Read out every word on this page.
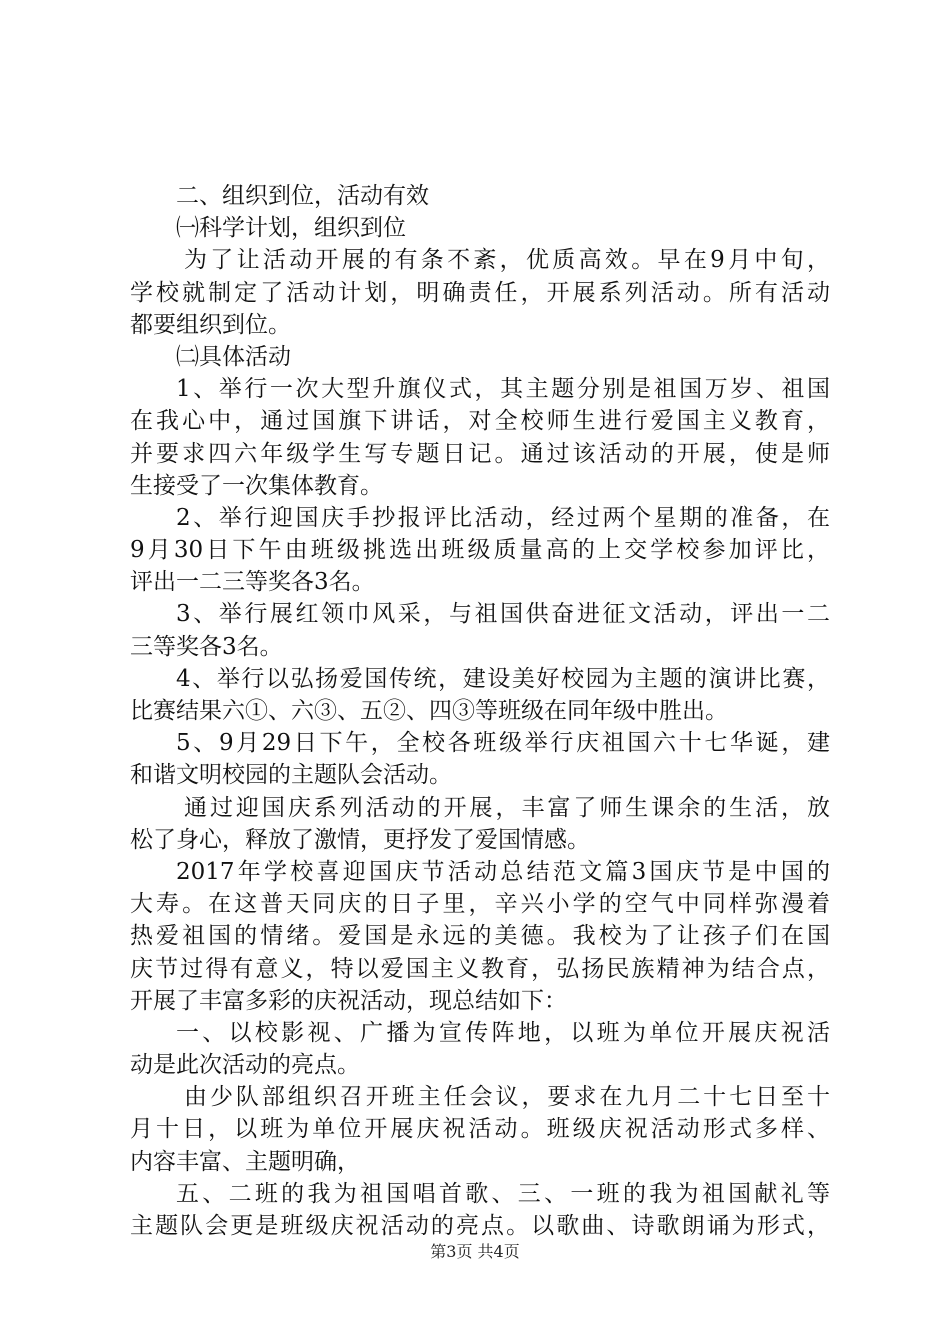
二、组织到位，活动有效
㈠科学计划，组织到位
为了让活动开展的有条不紊，优质高效。早在9月中旬，
学校就制定了活动计划，明确责任，开展系列活动。所有活动
都要组织到位。
㈡具体活动
1、举行一次大型升旗仪式，其主题分别是祖国万岁、祖国
在我心中，通过国旗下讲话，对全校师生进行爱国主义教育，
并要求四六年级学生写专题日记。通过该活动的开展，使是师
生接受了一次集体教育。
2、举行迎国庆手抄报评比活动，经过两个星期的准备，在
9月30日下午由班级挑选出班级质量高的上交学校参加评比，
评出一二三等奖各3名。
3、举行展红领巾风采，与祖国供奋进征文活动，评出一二
三等奖各3名。
4、举行以弘扬爱国传统，建设美好校园为主题的演讲比赛，
比赛结果六①、六③、五②、四③等班级在同年级中胜出。
5、9月29日下午，全校各班级举行庆祖国六十七华诞，建
和谐文明校园的主题队会活动。
通过迎国庆系列活动的开展，丰富了师生课余的生活，放
松了身心，释放了激情，更抒发了爱国情感。
2017年学校喜迎国庆节活动总结范文篇3国庆节是中国的
大寿。在这普天同庆的日子里，辛兴小学的空气中同样弥漫着
热爱祖国的情绪。爱国是永远的美德。我校为了让孩子们在国
庆节过得有意义，特以爱国主义教育，弘扬民族精神为结合点，
开展了丰富多彩的庆祝活动，现总结如下：
一、以校影视、广播为宣传阵地，以班为单位开展庆祝活
动是此次活动的亮点。
由少队部组织召开班主任会议，要求在九月二十七日至十
月十日，以班为单位开展庆祝活动。班级庆祝活动形式多样、
内容丰富、主题明确，
五、二班的我为祖国唱首歌、三、一班的我为祖国献礼等
主题队会更是班级庆祝活动的亮点。以歌曲、诗歌朗诵为形式，
第3页 共4页
